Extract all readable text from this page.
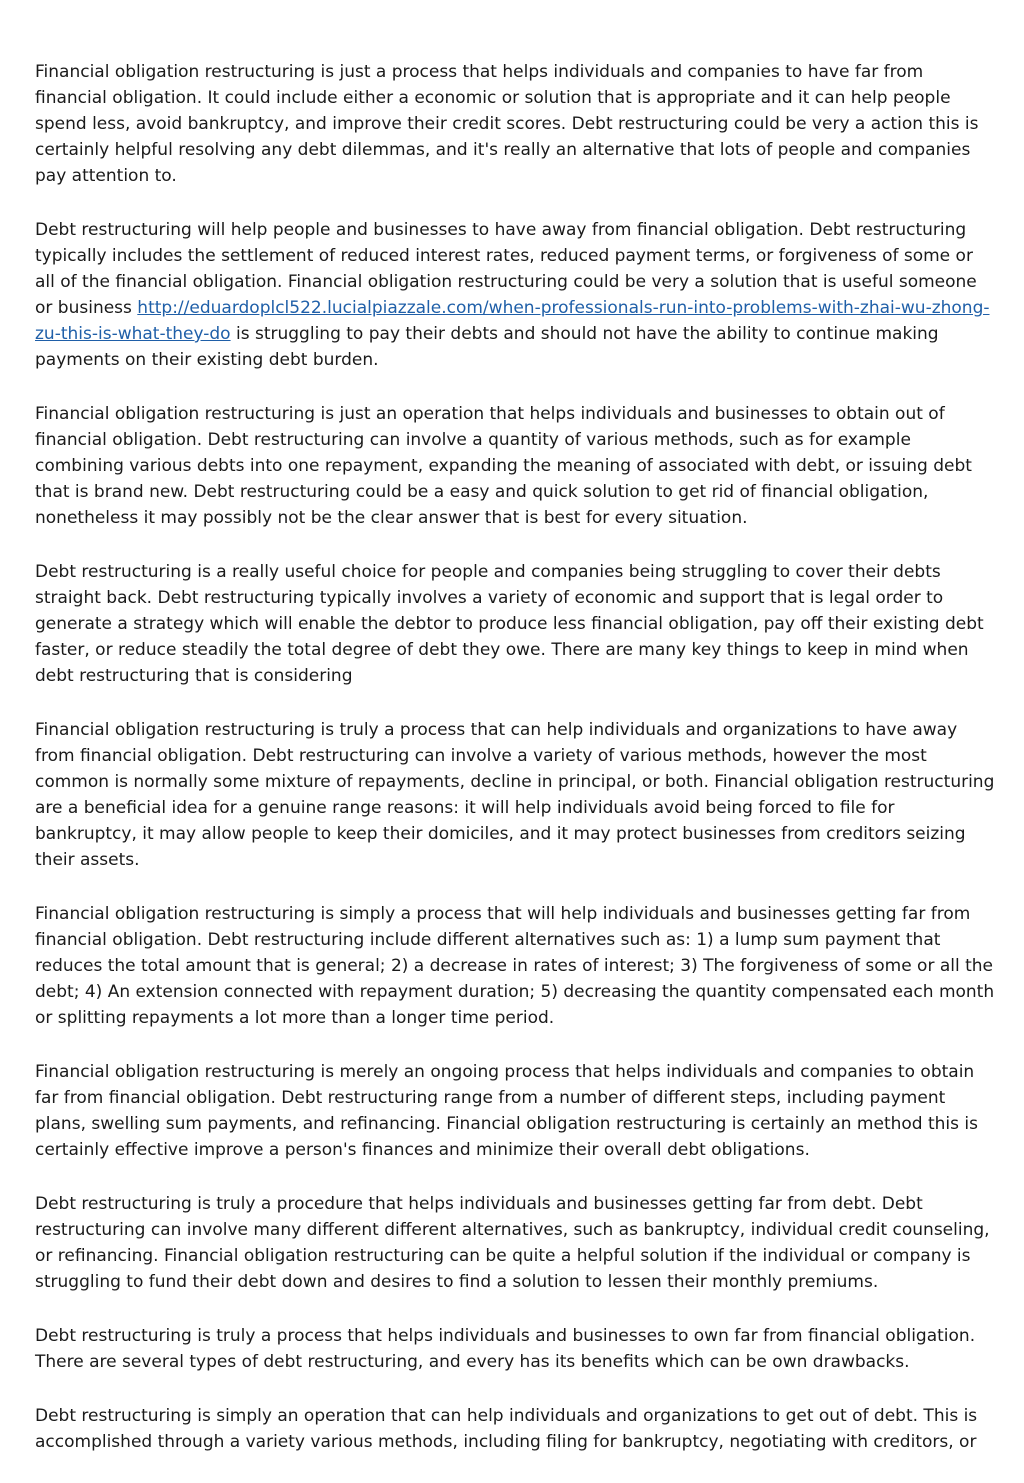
Financial obligation restructuring is just a process that helps individuals and companies to have far from financial obligation. It could include either a economic or solution that is appropriate and it can help people spend less, avoid bankruptcy, and improve their credit scores. Debt restructuring could be very a action this is certainly helpful resolving any debt dilemmas, and it's really an alternative that lots of people and companies pay attention to.

Debt restructuring will help people and businesses to have away from financial obligation. Debt restructuring typically includes the settlement of reduced interest rates, reduced payment terms, or forgiveness of some or all of the financial obligation. Financial obligation restructuring could be very a solution that is useful someone or business http://eduardoplcl522.lucialpiazzale.com/when-professionals-run-into-problems-with-zhai-wu-zhong-zu-this-is-what-they-do is struggling to pay their debts and should not have the ability to continue making payments on their existing debt burden.

Financial obligation restructuring is just an operation that helps individuals and businesses to obtain out of financial obligation. Debt restructuring can involve a quantity of various methods, such as for example combining various debts into one repayment, expanding the meaning of associated with debt, or issuing debt that is brand new. Debt restructuring could be a easy and quick solution to get rid of financial obligation, nonetheless it may possibly not be the clear answer that is best for every situation.

Debt restructuring is a really useful choice for people and companies being struggling to cover their debts straight back. Debt restructuring typically involves a variety of economic and support that is legal order to generate a strategy which will enable the debtor to produce less financial obligation, pay off their existing debt faster, or reduce steadily the total degree of debt they owe. There are many key things to keep in mind when debt restructuring that is considering

Financial obligation restructuring is truly a process that can help individuals and organizations to have away from financial obligation. Debt restructuring can involve a variety of various methods, however the most common is normally some mixture of repayments, decline in principal, or both. Financial obligation restructuring are a beneficial idea for a genuine range reasons: it will help individuals avoid being forced to file for bankruptcy, it may allow people to keep their domiciles, and it may protect businesses from creditors seizing their assets.

Financial obligation restructuring is simply a process that will help individuals and businesses getting far from financial obligation. Debt restructuring include different alternatives such as: 1) a lump sum payment that reduces the total amount that is general; 2) a decrease in rates of interest; 3) The forgiveness of some or all the debt; 4) An extension connected with repayment duration; 5) decreasing the quantity compensated each month or splitting repayments a lot more than a longer time period.

Financial obligation restructuring is merely an ongoing process that helps individuals and companies to obtain far from financial obligation. Debt restructuring range from a number of different steps, including payment plans, swelling sum payments, and refinancing. Financial obligation restructuring is certainly an method this is certainly effective improve a person's finances and minimize their overall debt obligations.

Debt restructuring is truly a procedure that helps individuals and businesses getting far from debt. Debt restructuring can involve many different different alternatives, such as bankruptcy, individual credit counseling, or refinancing. Financial obligation restructuring can be quite a helpful solution if the individual or company is struggling to fund their debt down and desires to find a solution to lessen their monthly premiums.

Debt restructuring is truly a process that helps individuals and businesses to own far from financial obligation. There are several types of debt restructuring, and every has its benefits which can be own drawbacks.

Debt restructuring is simply an operation that can help individuals and organizations to get out of debt. This is accomplished through a variety various methods, including filing for bankruptcy, negotiating with creditors, or
